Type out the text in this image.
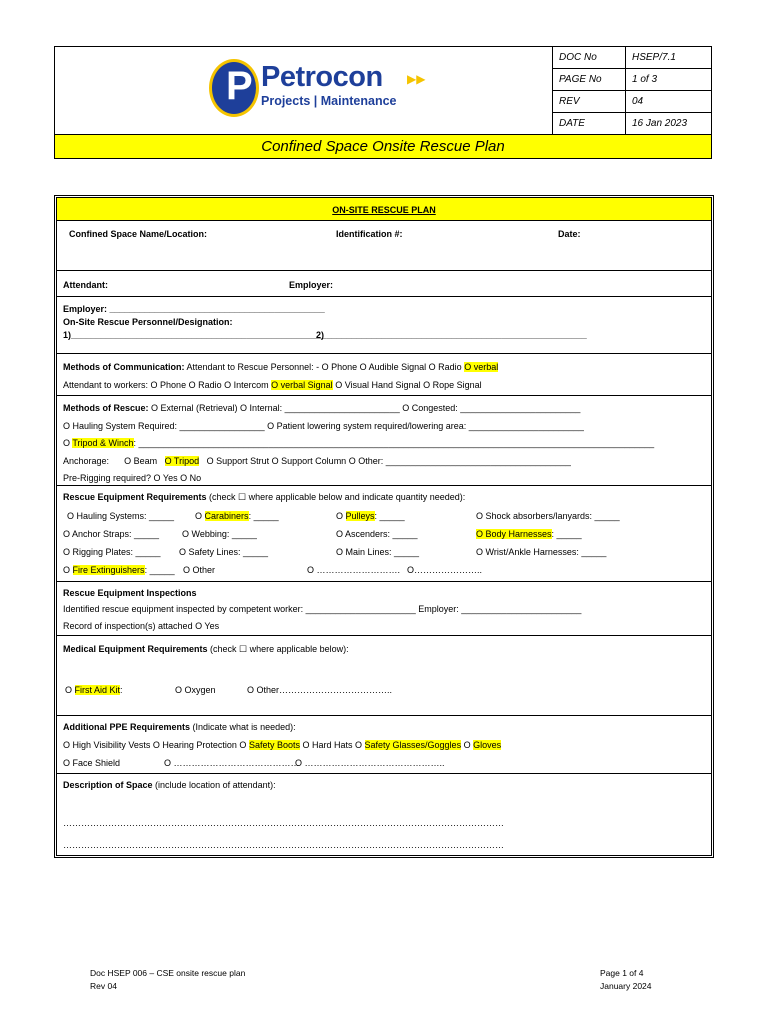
P Petrocon ▶▶
Projects | Maintenance	DOC No	HSEP/7.1
	PAGE No	1 of 3
	REV	04
	DATE	16 Jan 2023
Confined Space Onsite Rescue Plan		
ON-SITE RESCUE PLAN
Confined Space Name/Location:	Identification #:	Date:
Attendant:	Employer:
Employer: ___________________________________________
On-Site Rescue Personnel/Designation:
1)___________________________________________________
2) ____________________________________________________
Methods of Communication: Attendant to Rescue Personnel: - O Phone O Audible Signal O Radio O verbal
Attendant to workers: O Phone O Radio O Intercom O verbal Signal O Visual Hand Signal O Rope Signal
Methods of Rescue: O External (Retrieval) O Internal: _______________________ O Congested: ________________________
O Hauling System Required: _________________ O Patient lowering system required/lowering area: _______________________
O Tripod & Winch: _______________________________________________________________________________________________________
Anchorage: O Beam O Tripod O Support Strut O Support Column O Other: _____________________________________
Pre-Rigging required? O Yes O No
Rescue Equipment Requirements (check ☐ where applicable below and indicate quantity needed):
O Hauling Systems: _____ O Carabiners: _____	O Pulleys: _____	O Shock absorbers/lanyards: _____
O Anchor Straps: _____	O Webbing: _____	O Ascenders: _____	O Body Harnesses: _____
O Rigging Plates: _____ O Safety Lines: _____	O Main Lines: _____	O Wrist/Ankle Harnesses: _____
O Fire Extinguishers: _____ O Other	O ………………………. O…………………..
Rescue Equipment Inspections
Identified rescue equipment inspected by competent worker: ______________________ Employer: ________________________
Record of inspection(s) attached O Yes
Medical Equipment Requirements (check ☐ where applicable below):
O First Aid Kit:	O Oxygen	O Other………………………………..
Additional PPE Requirements (Indicate what is needed):
O High Visibility Vests O Hearing Protection O Safety Boots O Hard Hats O Safety Glasses/Goggles O Gloves
O Face Shield	O ……………………………………
O ………………………………………..
Description of Space (include location of attendant):
…………………………………………………………………………………………………………………………………
…………………………………………………………………………………………………………………………………
Doc HSEP 006 – CSE onsite rescue plan
Rev 04
Page 1 of 4
January 2024
